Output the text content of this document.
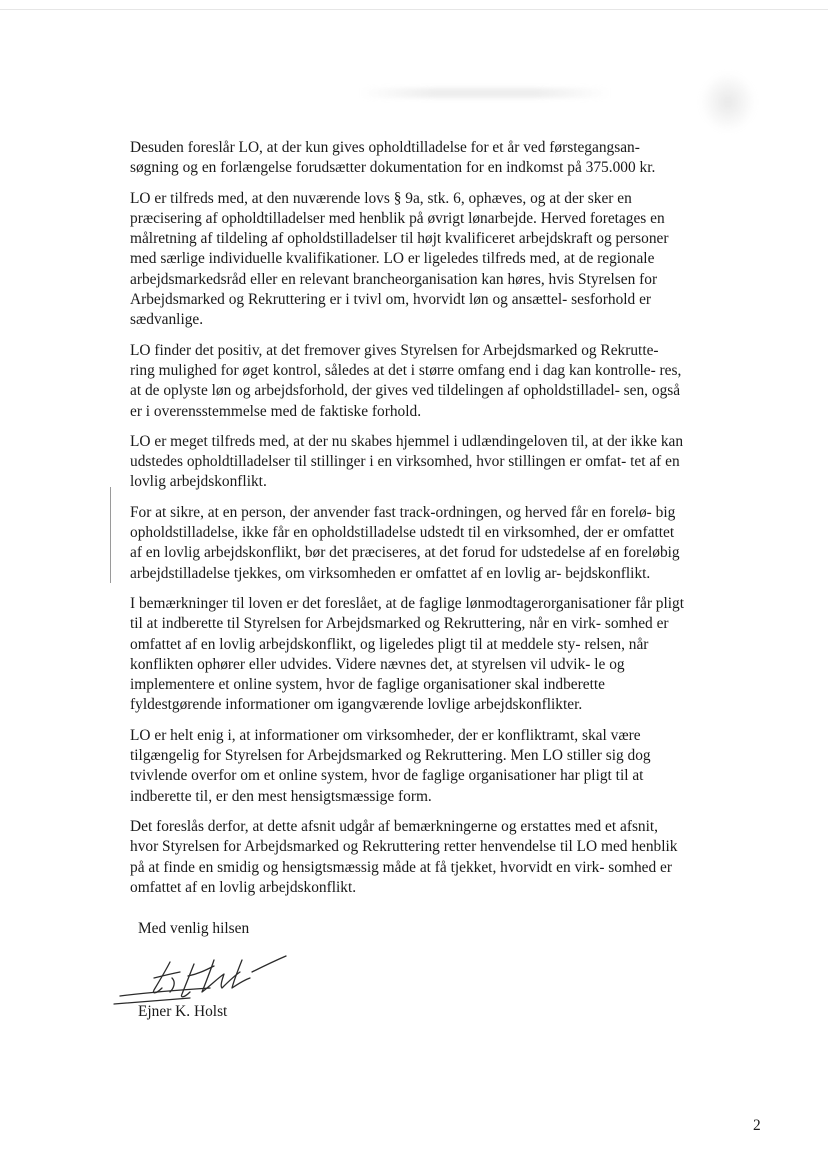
Desuden foreslår LO, at der kun gives opholdtilladelse for et år ved førstegangsan- søgning og en forlængelse forudsætter dokumentation for en indkomst på 375.000 kr.

LO er tilfreds med, at den nuværende lovs § 9a, stk. 6, ophæves, og at der sker en præcisering af opholdtilladelser med henblik på øvrigt lønarbejde. Herved foretages en målretning af tildeling af opholdstilladelser til højt kvalificeret arbejdskraft og personer med særlige individuelle kvalifikationer. LO er ligeledes tilfreds med, at de regionale arbejdsmarkedsråd eller en relevant brancheorganisation kan høres, hvis Styrelsen for Arbejdsmarked og Rekruttering er i tvivl om, hvorvidt løn og ansættel- sesforhold er sædvanlige.

LO finder det positiv, at det fremover gives Styrelsen for Arbejdsmarked og Rekrutte- ring mulighed for øget kontrol, således at det i større omfang end i dag kan kontrolle- res, at de oplyste løn og arbejdsforhold, der gives ved tildelingen af opholdstilladel- sen, også er i overensstemmelse med de faktiske forhold.

LO er meget tilfreds med, at der nu skabes hjemmel i udlændingeloven til, at der ikke kan udstedes opholdtilladelser til stillinger i en virksomhed, hvor stillingen er omfat- tet af en lovlig arbejdskonflikt.

For at sikre, at en person, der anvender fast track-ordningen, og herved får en forelø- big opholdstilladelse, ikke får en opholdstilladelse udstedt til en virksomhed, der er omfattet af en lovlig arbejdskonflikt, bør det præciseres, at det forud for udstedelse af en foreløbig arbejdstilladelse tjekkes, om virksomheden er omfattet af en lovlig ar- bejdskonflikt.

I bemærkninger til loven er det foreslået, at de faglige lønmodtagerorganisationer får pligt til at indberette til Styrelsen for Arbejdsmarked og Rekruttering, når en virk- somhed er omfattet af en lovlig arbejdskonflikt, og ligeledes pligt til at meddele sty- relsen, når konflikten ophører eller udvides. Videre nævnes det, at styrelsen vil udvik- le og implementere et online system, hvor de faglige organisationer skal indberette fyldestgørende informationer om igangværende lovlige arbejdskonflikter.

LO er helt enig i, at informationer om virksomheder, der er konfliktramt, skal være tilgængelig for Styrelsen for Arbejdsmarked og Rekruttering. Men LO stiller sig dog tvivlende overfor om et online system, hvor de faglige organisationer har pligt til at indberette til, er den mest hensigtsmæssige form.

Det foreslås derfor, at dette afsnit udgår af bemærkningerne og erstattes med et afsnit, hvor Styrelsen for Arbejdsmarked og Rekruttering retter henvendelse til LO med henblik på at finde en smidig og hensigtsmæssig måde at få tjekket, hvorvidt en virk- somhed er omfattet af en lovlig arbejdskonflikt.

Med venlig hilsen

Ejner K. Holst

2
